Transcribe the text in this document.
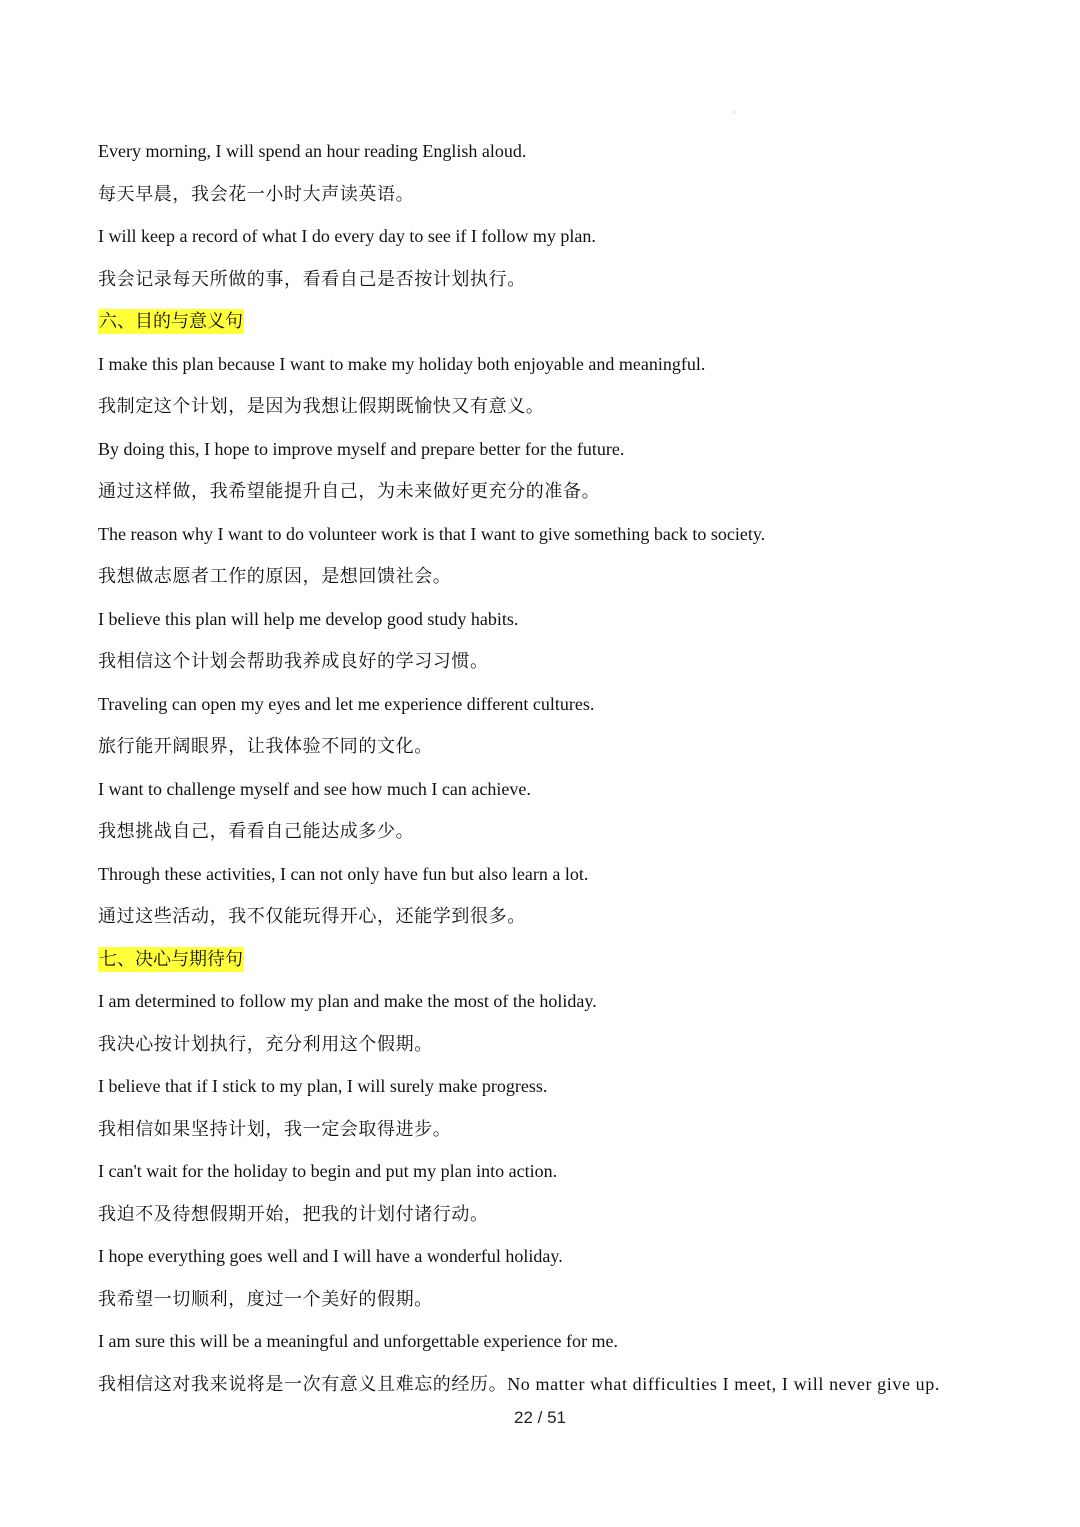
1
Every morning, I will spend an hour reading English aloud.
每天早晨，我会花一小时大声读英语。
I will keep a record of what I do every day to see if I follow my plan.
我会记录每天所做的事，看看自己是否按计划执行。
六、目的与意义句
I make this plan because I want to make my holiday both enjoyable and meaningful.
我制定这个计划，是因为我想让假期既愉快又有意义。
By doing this, I hope to improve myself and prepare better for the future.
通过这样做，我希望能提升自己，为未来做好更充分的准备。
The reason why I want to do volunteer work is that I want to give something back to society.
我想做志愿者工作的原因，是想回馈社会。
I believe this plan will help me develop good study habits.
我相信这个计划会帮助我养成良好的学习习惯。
Traveling can open my eyes and let me experience different cultures.
旅行能开阔眼界，让我体验不同的文化。
I want to challenge myself and see how much I can achieve.
我想挑战自己，看看自己能达成多少。
Through these activities, I can not only have fun but also learn a lot.
通过这些活动，我不仅能玩得开心，还能学到很多。
七、决心与期待句
I am determined to follow my plan and make the most of the holiday.
我决心按计划执行，充分利用这个假期。
I believe that if I stick to my plan, I will surely make progress.
我相信如果坚持计划，我一定会取得进步。
I can't wait for the holiday to begin and put my plan into action.
我迫不及待想假期开始，把我的计划付诸行动。
I hope everything goes well and I will have a wonderful holiday.
我希望一切顺利，度过一个美好的假期。
I am sure this will be a meaningful and unforgettable experience for me.
我相信这对我来说将是一次有意义且难忘的经历。No matter what difficulties I meet, I will never give up.
22 / 51
